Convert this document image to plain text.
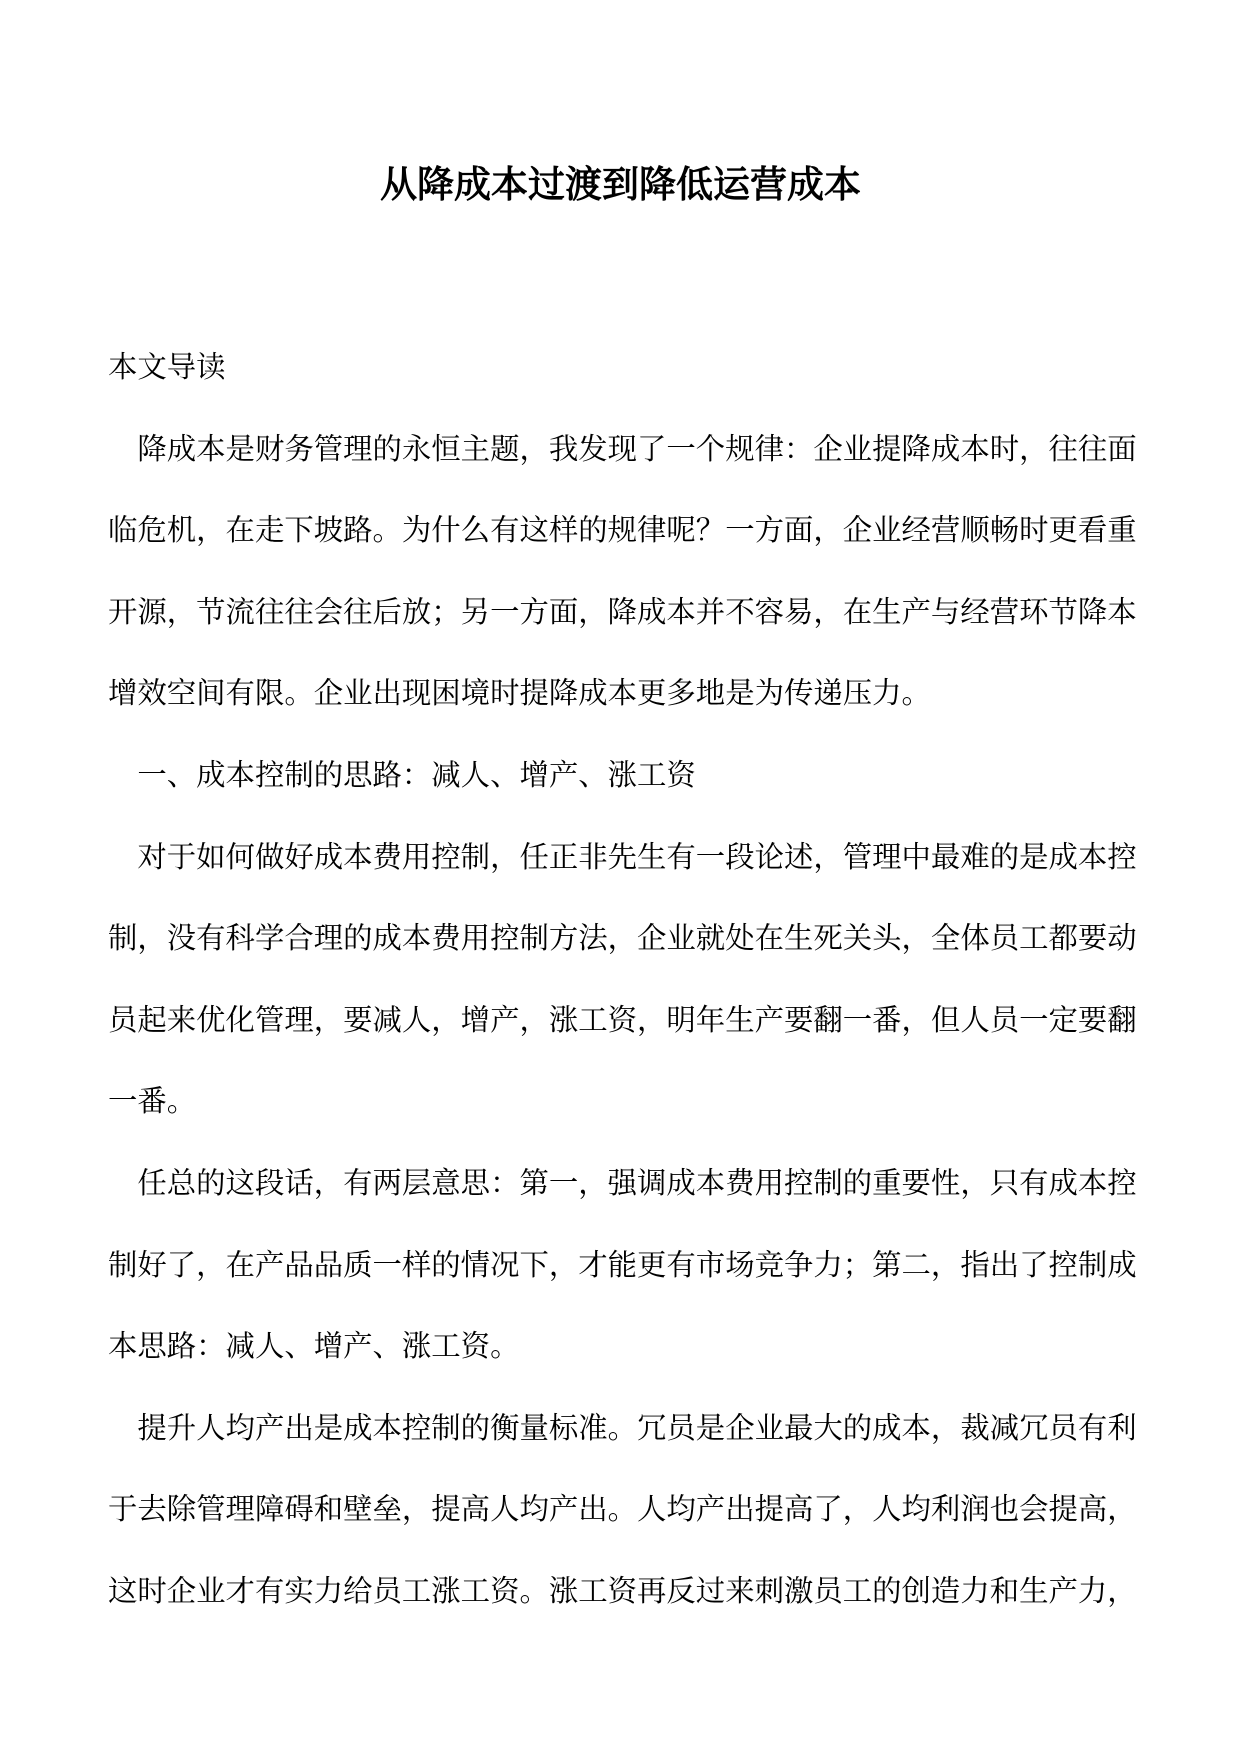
从降成本过渡到降低运营成本
本文导读
降成本是财务管理的永恒主题，我发现了一个规律：企业提降成本时，往往面
临危机，在走下坡路。为什么有这样的规律呢？一方面，企业经营顺畅时更看重
开源，节流往往会往后放；另一方面，降成本并不容易，在生产与经营环节降本
增效空间有限。企业出现困境时提降成本更多地是为传递压力。
一、成本控制的思路：减人、增产、涨工资
对于如何做好成本费用控制，任正非先生有一段论述，管理中最难的是成本控
制，没有科学合理的成本费用控制方法，企业就处在生死关头，全体员工都要动
员起来优化管理，要减人，增产，涨工资，明年生产要翻一番，但人员一定要翻
一番。
任总的这段话，有两层意思：第一，强调成本费用控制的重要性，只有成本控
制好了，在产品品质一样的情况下，才能更有市场竞争力；第二，指出了控制成
本思路：减人、增产、涨工资。
提升人均产出是成本控制的衡量标准。冗员是企业最大的成本，裁减冗员有利
于去除管理障碍和壁垒，提高人均产出。人均产出提高了，人均利润也会提高，
这时企业才有实力给员工涨工资。涨工资再反过来刺激员工的创造力和生产力，
